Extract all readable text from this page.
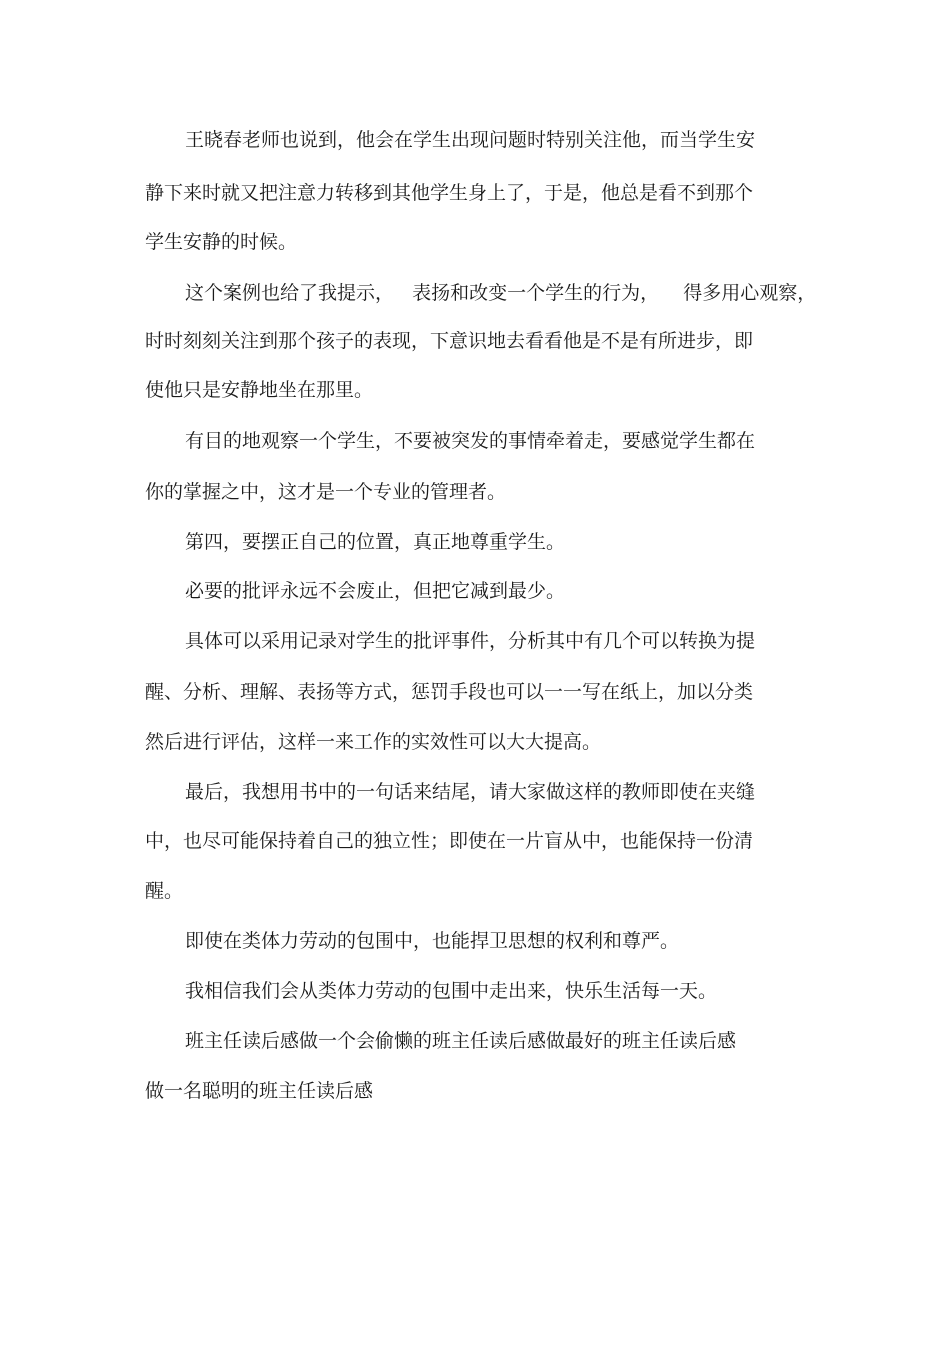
王晓春老师也说到，他会在学生出现问题时特别关注他，而当学生安
静下来时就又把注意力转移到其他学生身上了，于是，他总是看不到那个
学生安静的时候。
这个案例也给了我提示，   表扬和改变一个学生的行为，    得多用心观察，
时时刻刻关注到那个孩子的表现，下意识地去看看他是不是有所进步，即
使他只是安静地坐在那里。
有目的地观察一个学生，不要被突发的事情牵着走，要感觉学生都在
你的掌握之中，这才是一个专业的管理者。
第四，要摆正自己的位置，真正地尊重学生。
必要的批评永远不会废止，但把它减到最少。
具体可以采用记录对学生的批评事件，分析其中有几个可以转换为提
醒、分析、理解、表扬等方式，惩罚手段也可以一一写在纸上，加以分类
然后进行评估，这样一来工作的实效性可以大大提高。
最后，我想用书中的一句话来结尾，请大家做这样的教师即使在夹缝
中，也尽可能保持着自己的独立性；即使在一片盲从中，也能保持一份清
醒。
即使在类体力劳动的包围中，也能捍卫思想的权利和尊严。
我相信我们会从类体力劳动的包围中走出来，快乐生活每一天。
班主任读后感做一个会偷懒的班主任读后感做最好的班主任读后感
做一名聪明的班主任读后感
